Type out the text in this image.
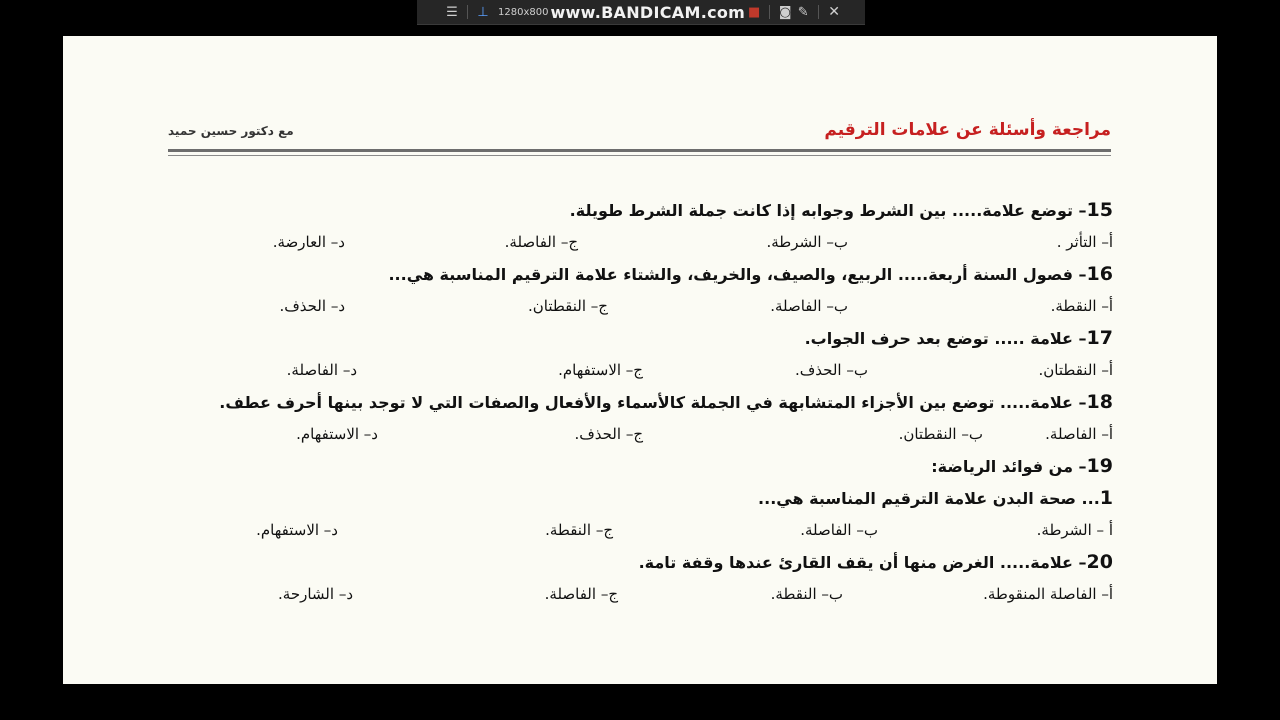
☰ ⊥ 1280x800 www.BANDICAM.com ■ ◙ ✎ ✕
مراجعة وأسئلة عن علامات الترقيم
مع دكتور حسين حميد
15– توضع علامة..... بين الشرط وجوابه إذا كانت جملة الشرط طويلة.
أ– التأثر .
ب– الشرطة.
ج– الفاصلة.
د– العارضة.
16– فصول السنة أربعة..... الربيع، والصيف، والخريف، والشتاء علامة الترقيم المناسبة هي...
أ– النقطة.
ب– الفاصلة.
ج– النقطتان.
د– الحذف.
17– علامة ..... توضع بعد حرف الجواب.
أ– النقطتان.
ب– الحذف.
ج– الاستفهام.
د– الفاصلة.
18– علامة..... توضع بين الأجزاء المتشابهة في الجملة كالأسماء والأفعال والصفات التي لا توجد بينها أحرف عطف.
أ– الفاصلة.
ب– النقطتان.
ج– الحذف.
د– الاستفهام.
19– من فوائد الرياضة:
1... صحة البدن علامة الترقيم المناسبة هي...
أ – الشرطة.
ب– الفاصلة.
ج– النقطة.
د– الاستفهام.
20– علامة..... الغرض منها أن يقف القارئ عندها وقفة تامة.
أ– الفاصلة المنقوطة.
ب– النقطة.
ج– الفاصلة.
د– الشارحة.
